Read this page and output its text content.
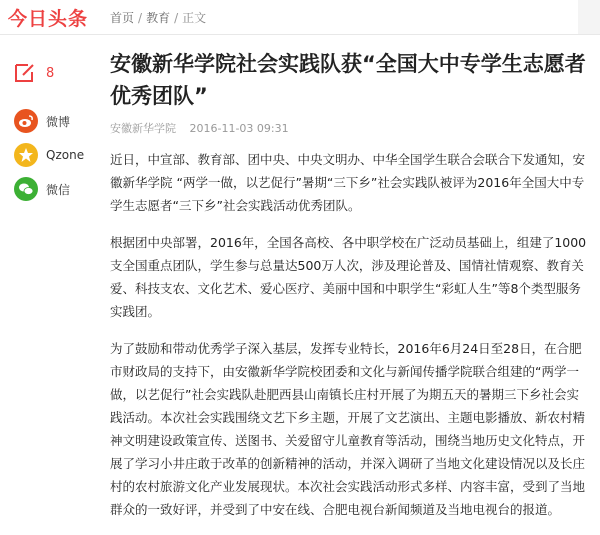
今日头条 首页 / 教育 / 正文
8
微博
Qzone
微信
安徽新华学院社会实践队获“全国大中专学生志愿者优秀团队”
安徽新华学院 2016-11-03 09:31

近日，中宣部、教育部、团中央、中央文明办、中华全国学生联合会联合下发通知，安徽新华学院 “两学一做，以艺促行”暑期“三下乡”社会实践队被评为2016年全国大中专学生志愿者“三下乡”社会实践活动优秀团队。

根据团中央部署，2016年，全国各高校、各中职学校在广泛动员基础上，组建了1000支全国重点团队，学生参与总量达500万人次，涉及理论普及、国情社情观察、教育关爱、科技支农、文化艺术、爱心医疗、美丽中国和中职学生“彩虹人生”等8个类型服务实践团。

为了鼓励和带动优秀学子深入基层，发挥专业特长，2016年6月24日至28日，在合肥市财政局的支持下，由安徽新华学院校团委和文化与新闻传播学院联合组建的“两学一做，以艺促行”社会实践队赴肥西县山南镇长庄村开展了为期五天的暑期三下乡社会实践活动。本次社会实践围绕文艺下乡主题，开展了文艺演出、主题电影播放、新农村精神文明建设政策宣传、送图书、关爱留守儿童教育等活动，围绕当地历史文化特点，开展了学习小井庄敢于改革的创新精神的活动，并深入调研了当地文化建设情况以及长庄村的农村旅游文化产业发展现状。本次社会实践活动形式多样、内容丰富，受到了当地群众的一致好评，并受到了中安在线、合肥电视台新闻频道及当地电视台的报道。
